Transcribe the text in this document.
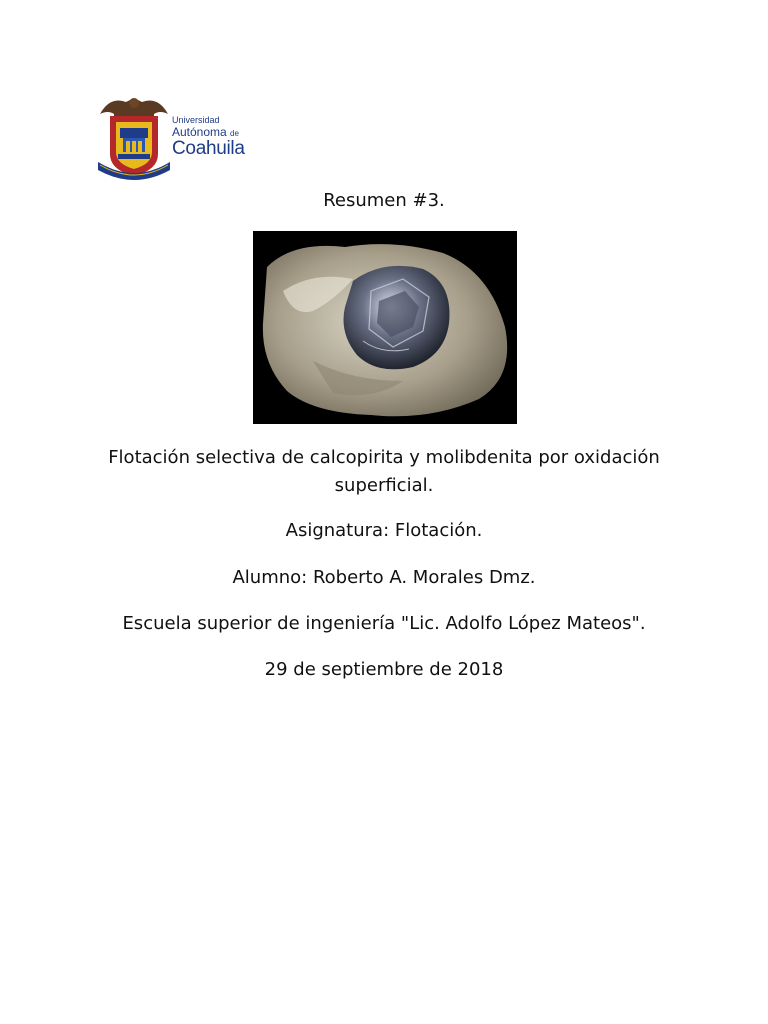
Universidad
Autónoma de
Coahuila
Resumen #3.
Flotación selectiva de calcopirita y molibdenita por oxidación superficial.
Asignatura: Flotación.
Alumno: Roberto A. Morales Dmz.
Escuela superior de ingeniería "Lic. Adolfo López Mateos".
29 de septiembre de 2018
